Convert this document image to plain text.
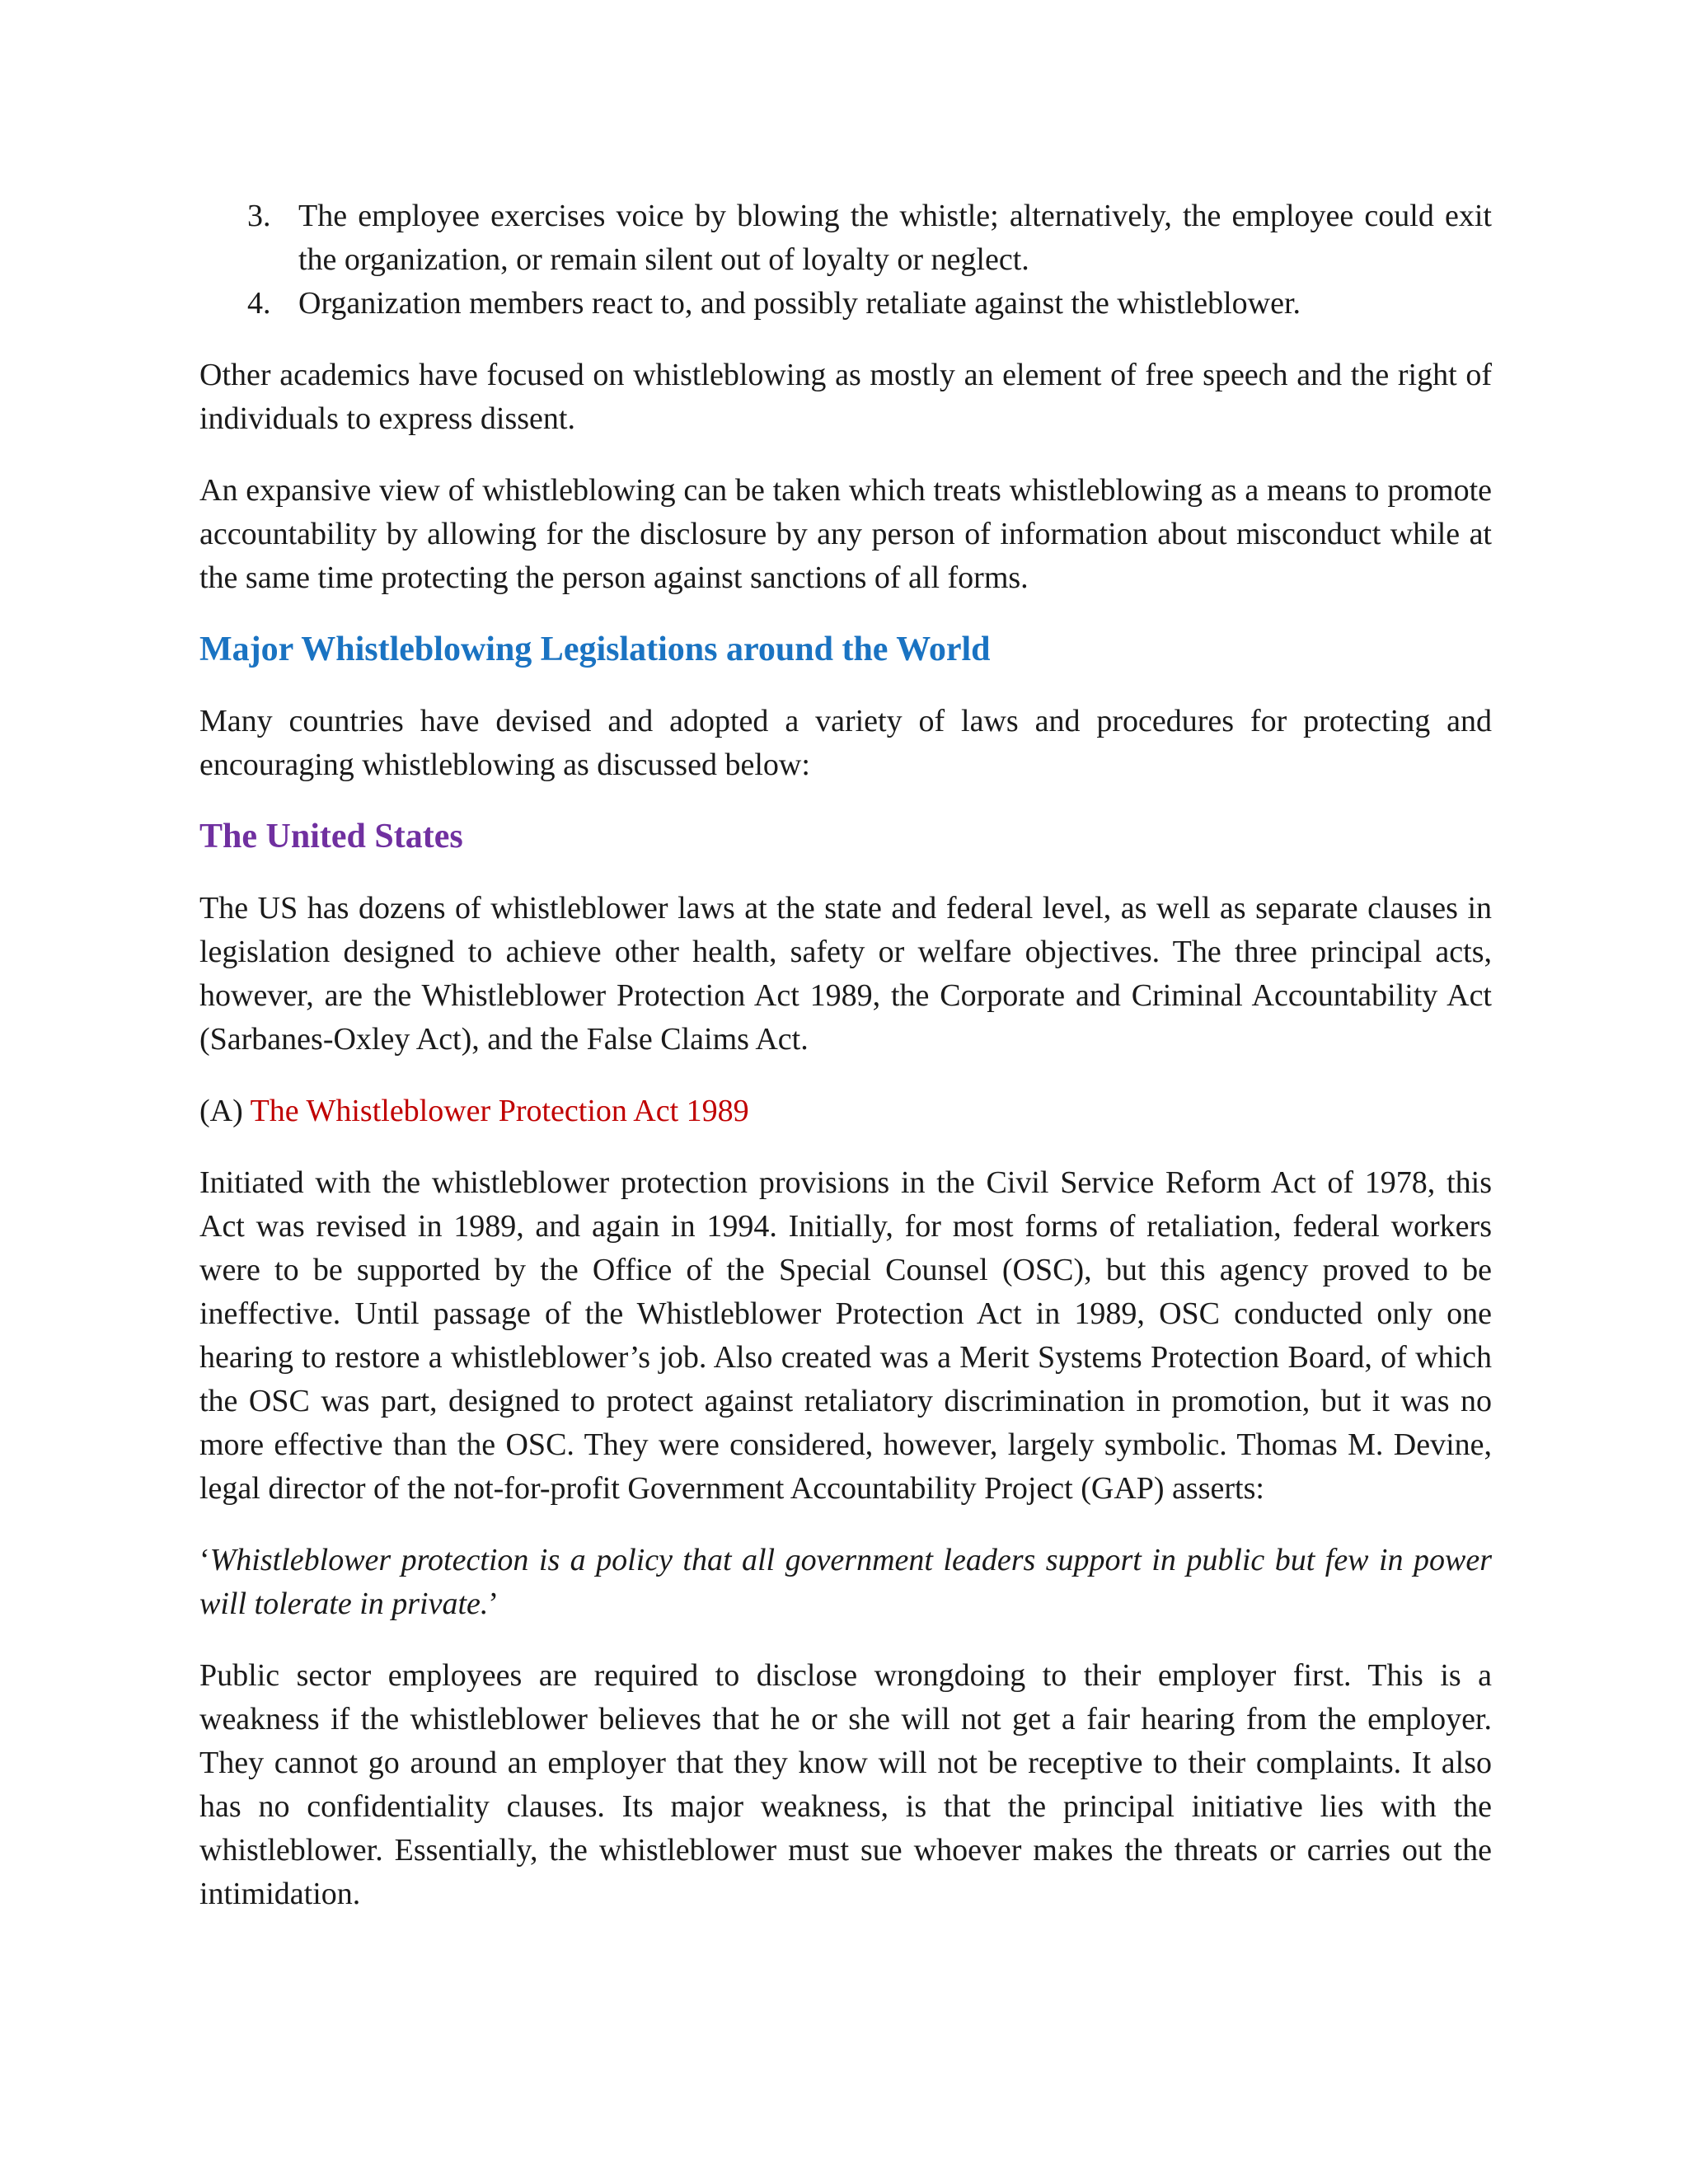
3. The employee exercises voice by blowing the whistle; alternatively, the employee could exit the organization, or remain silent out of loyalty or neglect.
4. Organization members react to, and possibly retaliate against the whistleblower.

Other academics have focused on whistleblowing as mostly an element of free speech and the right of individuals to express dissent.

An expansive view of whistleblowing can be taken which treats whistleblowing as a means to promote accountability by allowing for the disclosure by any person of information about misconduct while at the same time protecting the person against sanctions of all forms.

Major Whistleblowing Legislations around the World

Many countries have devised and adopted a variety of laws and procedures for protecting and encouraging whistleblowing as discussed below:

The United States

The US has dozens of whistleblower laws at the state and federal level, as well as separate clauses in legislation designed to achieve other health, safety or welfare objectives. The three principal acts, however, are the Whistleblower Protection Act 1989, the Corporate and Criminal Accountability Act (Sarbanes-Oxley Act), and the False Claims Act.

(A) The Whistleblower Protection Act 1989

Initiated with the whistleblower protection provisions in the Civil Service Reform Act of 1978, this Act was revised in 1989, and again in 1994. Initially, for most forms of retaliation, federal workers were to be supported by the Office of the Special Counsel (OSC), but this agency proved to be ineffective. Until passage of the Whistleblower Protection Act in 1989, OSC conducted only one hearing to restore a whistleblower’s job. Also created was a Merit Systems Protection Board, of which the OSC was part, designed to protect against retaliatory discrimination in promotion, but it was no more effective than the OSC. They were considered, however, largely symbolic. Thomas M. Devine, legal director of the not-for-profit Government Accountability Project (GAP) asserts:

‘Whistleblower protection is a policy that all government leaders support in public but few in power will tolerate in private.’

Public sector employees are required to disclose wrongdoing to their employer first. This is a weakness if the whistleblower believes that he or she will not get a fair hearing from the employer. They cannot go around an employer that they know will not be receptive to their complaints. It also has no confidentiality clauses. Its major weakness, is that the principal initiative lies with the whistleblower. Essentially, the whistleblower must sue whoever makes the threats or carries out the intimidation.
